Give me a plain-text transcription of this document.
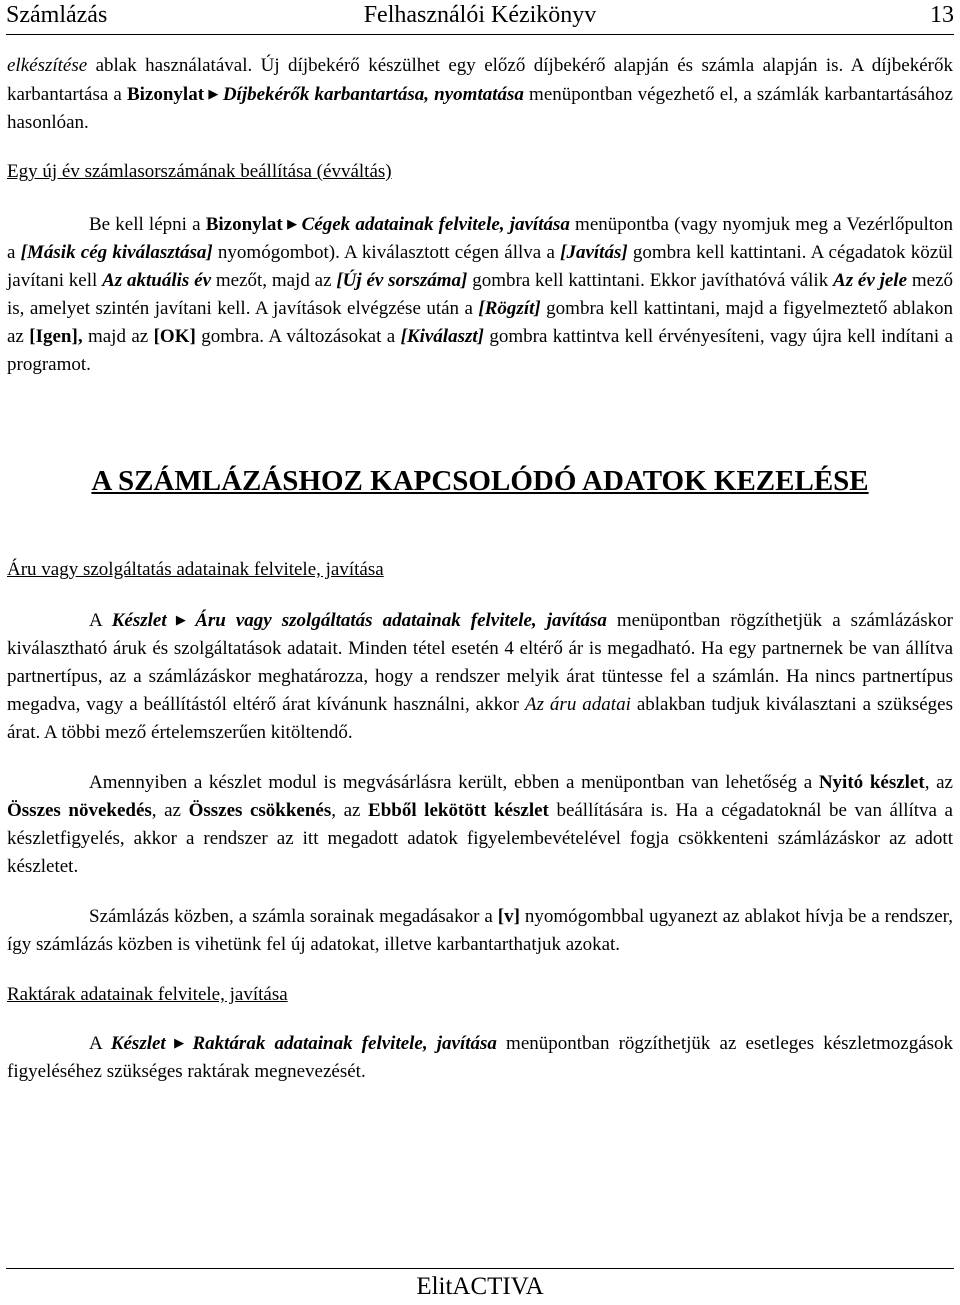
Számlázás	Felhasználói Kézikönyv	13

elkészítése ablak használatával. Új díjbekérő készülhet egy előző díjbekérő alapján és számla alapján is. A díjbekérők karbantartása a Bizonylat ▶ Díjbekérők karbantartása, nyomtatása menüpontban végezhető el, a számlák karbantartásához hasonlóan.

Egy új év számlasorszámának beállítása (évváltás)

Be kell lépni a Bizonylat ▶ Cégek adatainak felvitele, javítása menüpontba (vagy nyomjuk meg a Vezérlőpulton a [Másik cég kiválasztása] nyomógombot). A kiválasztott cégen állva a [Javítás] gombra kell kattintani. A cégadatok közül javítani kell Az aktuális év mezőt, majd az [Új év sorszáma] gombra kell kattintani. Ekkor javíthatóvá válik Az év jele mező is, amelyet szintén javítani kell. A javítások elvégzése után a [Rögzít] gombra kell kattintani, majd a figyelmeztető ablakon az [Igen], majd az [OK] gombra. A változásokat a [Kiválaszt] gombra kattintva kell érvényesíteni, vagy újra kell indítani a programot.

A SZÁMLÁZÁSHOZ KAPCSOLÓDÓ ADATOK KEZELÉSE

Áru vagy szolgáltatás adatainak felvitele, javítása

A Készlet ▶ Áru vagy szolgáltatás adatainak felvitele, javítása menüpontban rögzíthetjük a számlázáskor kiválasztható áruk és szolgáltatások adatait. Minden tétel esetén 4 eltérő ár is megadható. Ha egy partnernek be van állítva partnertípus, az a számlázáskor meghatározza, hogy a rendszer melyik árat tüntesse fel a számlán. Ha nincs partnertípus megadva, vagy a beállítástól eltérő árat kívánunk használni, akkor Az áru adatai ablakban tudjuk kiválasztani a szükséges árat. A többi mező értelemszerűen kitöltendő.

Amennyiben a készlet modul is megvásárlásra került, ebben a menüpontban van lehetőség a Nyitó készlet, az Összes növekedés, az Összes csökkenés, az Ebből lekötött készlet beállítására is. Ha a cégadatoknál be van állítva a készletfigyelés, akkor a rendszer az itt megadott adatok figyelembevételével fogja csökkenteni számlázáskor az adott készletet.

Számlázás közben, a számla sorainak megadásakor a [v] nyomógombbal ugyanezt az ablakot hívja be a rendszer, így számlázás közben is vihetünk fel új adatokat, illetve karbantarthatjuk azokat.

Raktárak adatainak felvitele, javítása

A Készlet ▶ Raktárak adatainak felvitele, javítása menüpontban rögzíthetjük az esetleges készletmozgások figyeléséhez szükséges raktárak megnevezését.

ElitACTIVA
